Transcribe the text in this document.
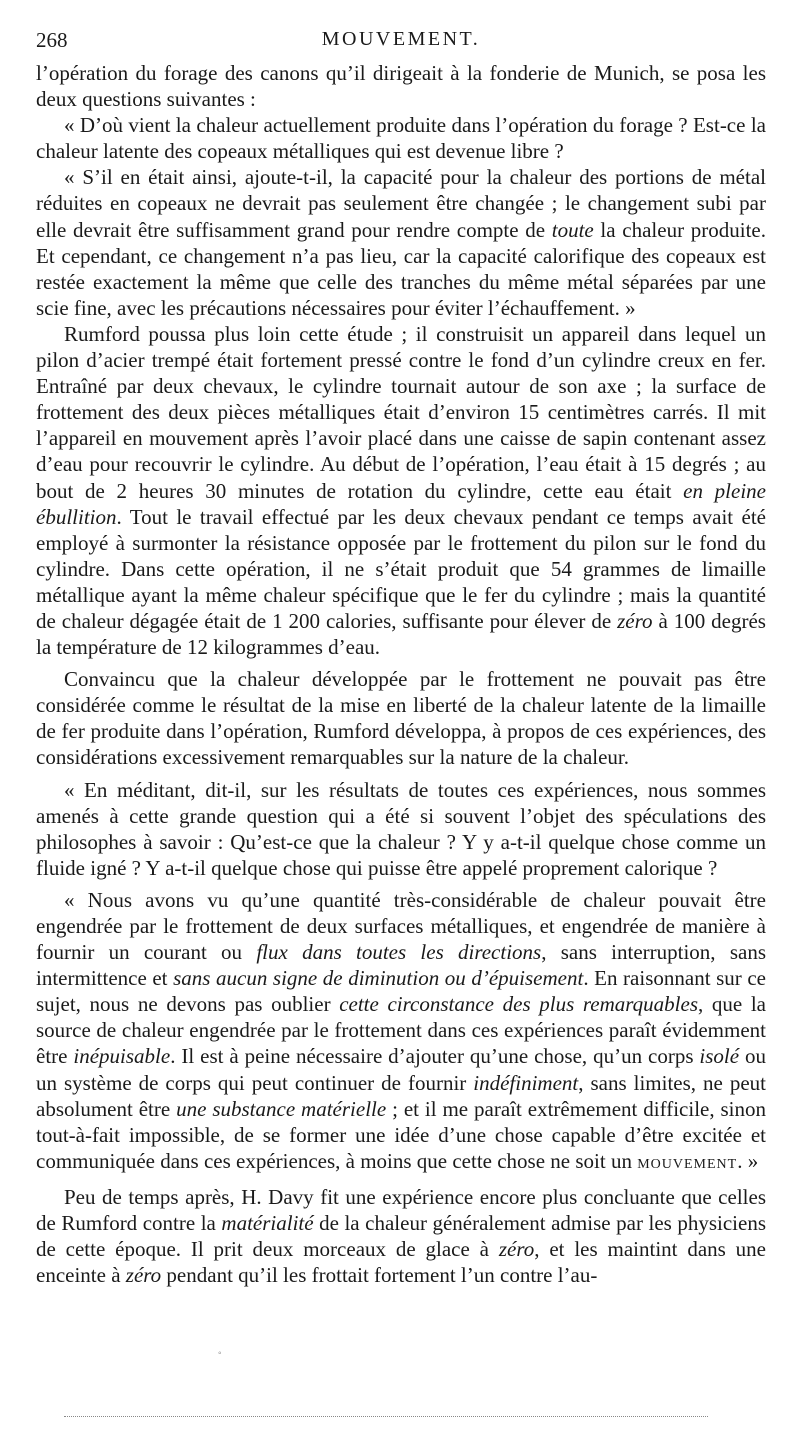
268	MOUVEMENT.

l’opération du forage des canons qu’il dirigeait à la fonderie de Munich, se posa les deux questions suivantes :

« D’où vient la chaleur actuellement produite dans l’opération du forage ? Est-ce la chaleur latente des copeaux métalliques qui est devenue libre ?

« S’il en était ainsi, ajoute-t-il, la capacité pour la chaleur des portions de métal réduites en copeaux ne devrait pas seulement être changée ; le changement subi par elle devrait être suffisamment grand pour rendre compte de toute la chaleur produite. Et cependant, ce changement n’a pas lieu, car la capacité calorifique des copeaux est restée exactement la même que celle des tranches du même métal séparées par une scie fine, avec les précautions nécessaires pour éviter l’échauffement. »

Rumford poussa plus loin cette étude ; il construisit un appareil dans lequel un pilon d’acier trempé était fortement pressé contre le fond d’un cylindre creux en fer. Entraîné par deux chevaux, le cylindre tournait autour de son axe ; la surface de frottement des deux pièces métalliques était d’environ 15 centimètres carrés. Il mit l’appareil en mouvement après l’avoir placé dans une caisse de sapin contenant assez d’eau pour recouvrir le cylindre. Au début de l’opération, l’eau était à 15 degrés ; au bout de 2 heures 30 minutes de rotation du cylindre, cette eau était en pleine ébullition. Tout le travail effectué par les deux chevaux pendant ce temps avait été employé à surmonter la résistance opposée par le frottement du pilon sur le fond du cylindre. Dans cette opération, il ne s’était produit que 54 grammes de limaille métallique ayant la même chaleur spécifique que le fer du cylindre ; mais la quantité de chaleur dégagée était de 1 200 calories, suffisante pour élever de zéro à 100 degrés la température de 12 kilogrammes d’eau.

Convaincu que la chaleur développée par le frottement ne pouvait pas être considérée comme le résultat de la mise en liberté de la chaleur latente de la limaille de fer produite dans l’opération, Rumford développa, à propos de ces expériences, des considérations excessivement remarquables sur la nature de la chaleur.

« En méditant, dit-il, sur les résultats de toutes ces expériences, nous sommes amenés à cette grande question qui a été si souvent l’objet des spéculations des philosophes à savoir : Qu’est-ce que la chaleur ? Y y a-t-il quelque chose comme un fluide igné ? Y a-t-il quelque chose qui puisse être appelé proprement calorique ?

« Nous avons vu qu’une quantité très-considérable de chaleur pouvait être engendrée par le frottement de deux surfaces métalliques, et engendrée de manière à fournir un courant ou flux dans toutes les directions, sans interruption, sans intermittence et sans aucun signe de diminution ou d’épuisement. En raisonnant sur ce sujet, nous ne devons pas oublier cette circonstance des plus remarquables, que la source de chaleur engendrée par le frottement dans ces expériences paraît évidemment être inépuisable. Il est à peine nécessaire d’ajouter qu’une chose, qu’un corps isolé ou un système de corps qui peut continuer de fournir indéfiniment, sans limites, ne peut absolument être une substance matérielle ; et il me paraît extrêmement difficile, sinon tout-à-fait impossible, de se former une idée d’une chose capable d’être excitée et communiquée dans ces expériences, à moins que cette chose ne soit un MOUVEMENT. »

Peu de temps après, H. Davy fit une expérience encore plus concluante que celles de Rumford contre la matérialité de la chaleur généralement admise par les physiciens de cette époque. Il prit deux morceaux de glace à zéro, et les maintint dans une enceinte à zéro pendant qu’il les frottait fortement l’un contre l’au-

◦
